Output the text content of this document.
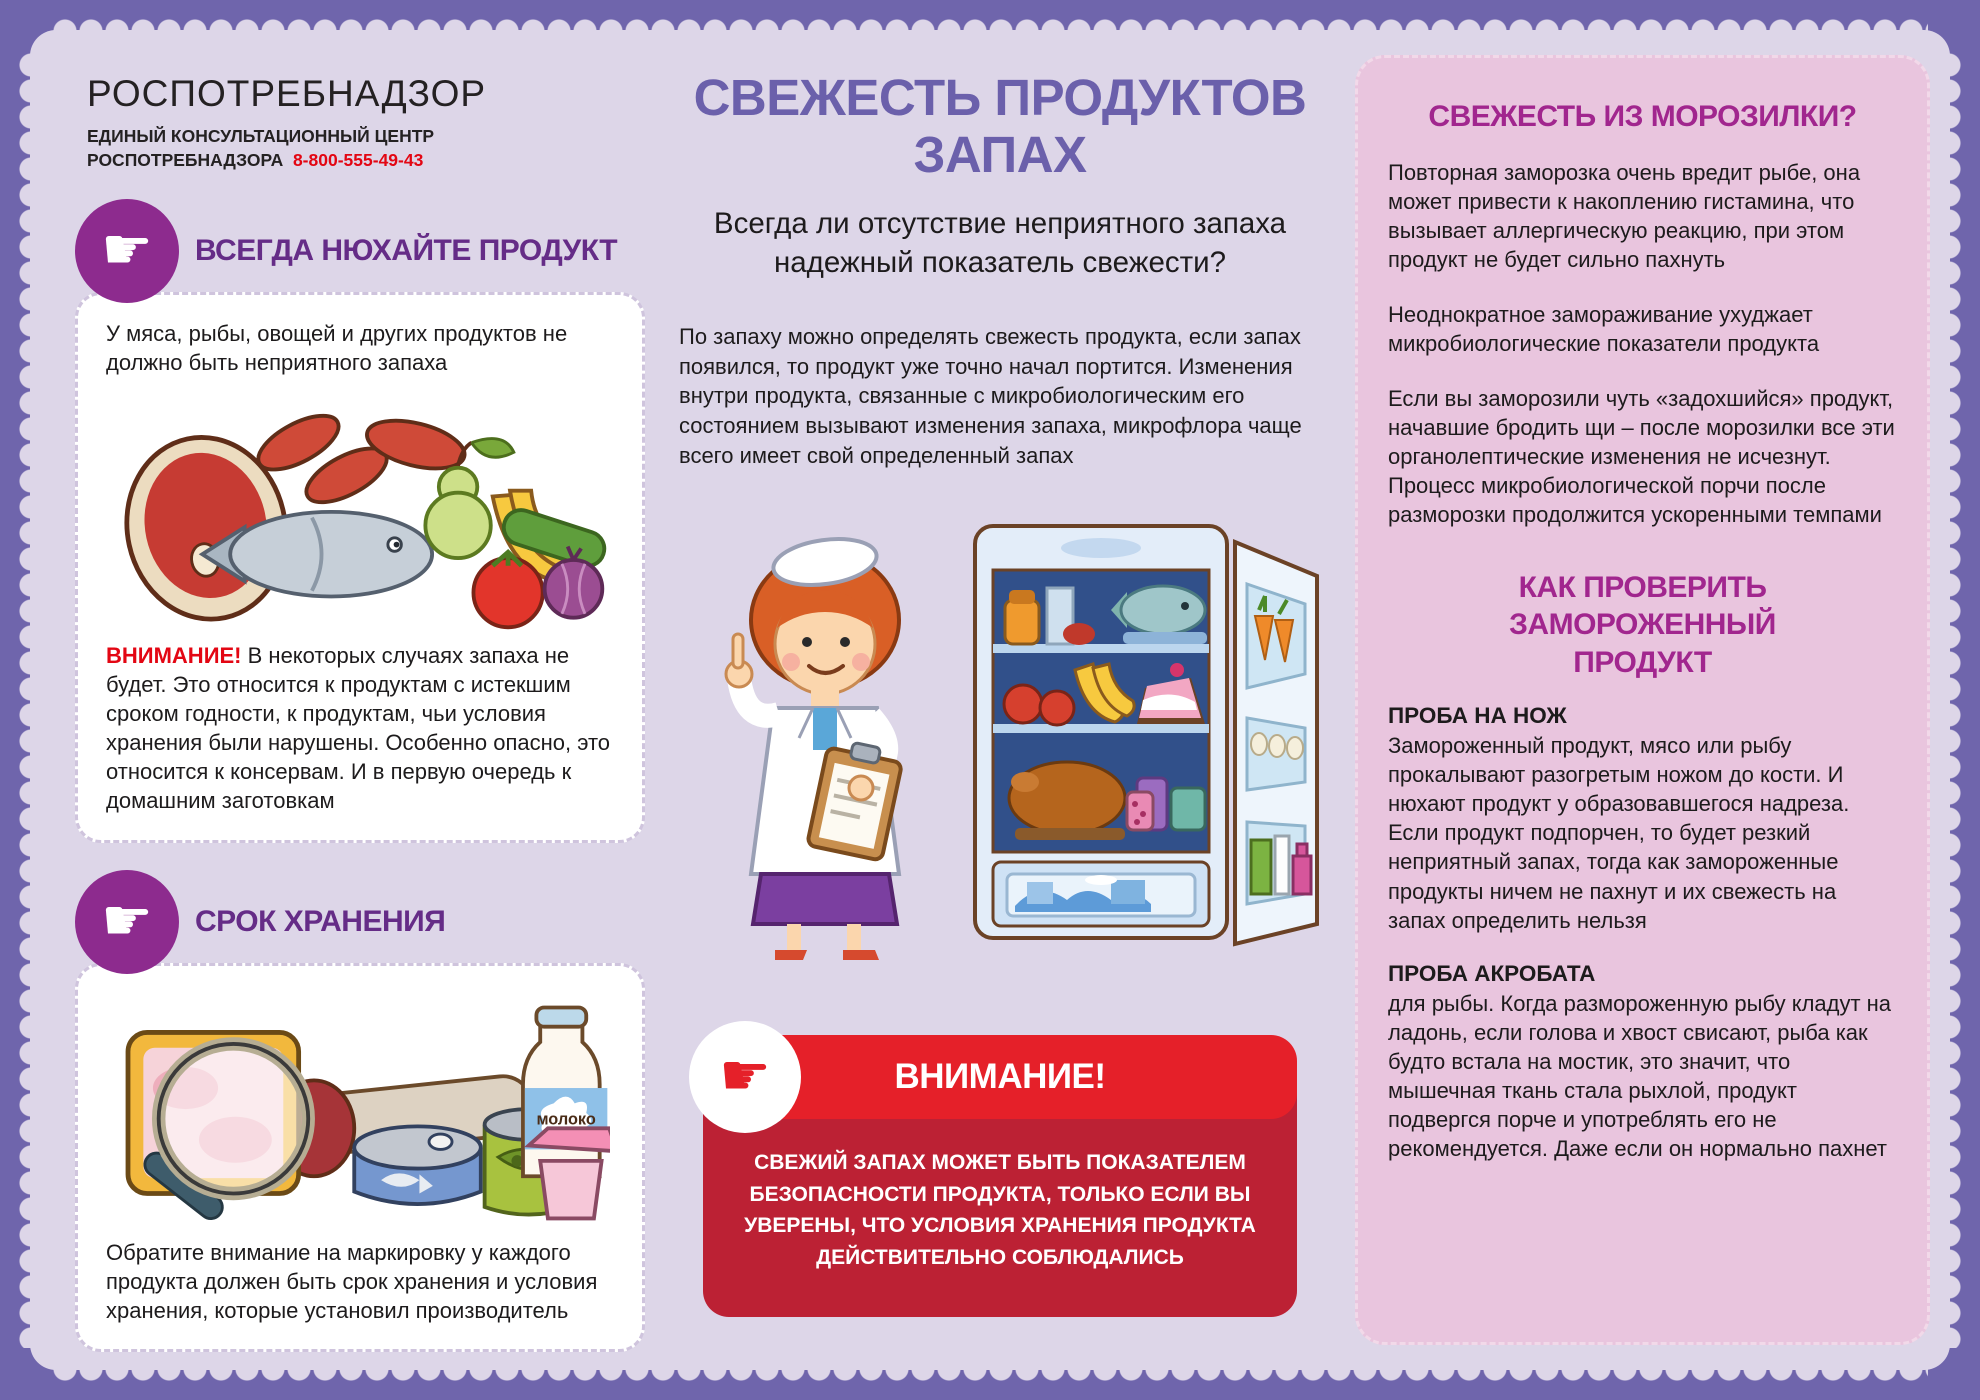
РОСПОТРЕБНАДЗОР
ЕДИНЫЙ КОНСУЛЬТАЦИОННЫЙ ЦЕНТР
РОСПОТРЕБНАДЗОРА 8-800-555-49-43
☛ ВСЕГДА НЮХАЙТЕ ПРОДУКТ

У мяса, рыбы, овощей и других продуктов не должно быть неприятного запаха

ВНИМАНИЕ! В некоторых случаях запаха не будет. Это относится к продуктам с истекшим сроком годности, к продуктам, чьи условия хранения были нарушены. Особенно опасно, это относится к консервам. И в первую очередь к домашним заготовкам

☛ СРОК ХРАНЕНИЯ
молоко

Обратите внимание на маркировку у каждого продукта должен быть срок хранения и условия хранения, которые установил производитель

СВЕЖЕСТЬ ПРОДУКТОВ
ЗАПАХ
Всегда ли отсутствие неприятного запаха надежный показатель свежести?

По запаху можно определять свежесть продукта, если запах появился, то продукт уже точно начал портится. Изменения внутри продукта, связанные с микробиологическим его состоянием вызывают изменения запаха, микрофлора чаще всего имеет свой определенный запах

☛	ВНИМАНИЕ!

СВЕЖИЙ ЗАПАХ МОЖЕТ БЫТЬ ПОКАЗАТЕЛЕМ БЕЗОПАСНОСТИ ПРОДУКТА, ТОЛЬКО ЕСЛИ ВЫ УВЕРЕНЫ, ЧТО УСЛОВИЯ ХРАНЕНИЯ ПРОДУКТА ДЕЙСТВИТЕЛЬНО СОБЛЮДАЛИСЬ

СВЕЖЕСТЬ ИЗ МОРОЗИЛКИ?

Повторная заморозка очень вредит рыбе, она может привести к накоплению гистамина, что вызывает аллергическую реакцию, при этом продукт не будет сильно пахнуть

Неоднократное замораживание ухуджает микробиологические показатели продукта

Если вы заморозили чуть «задохшийся» продукт, начавшие бродить щи – после морозилки все эти органолептические изменения не исчезнут. Процесс микробиологической порчи после разморозки продолжится ускоренными темпами

КАК ПРОВЕРИТЬ ЗАМОРОЖЕННЫЙ ПРОДУКТ
ПРОБА НА НОЖ

Замороженный продукт, мясо или рыбу прокалывают разогретым ножом до кости. И нюхают продукт у образовавшегося надреза. Если продукт подпорчен, то будет резкий неприятный запах, тогда как замороженные продукты ничем не пахнут и их свежесть на запах определить нельзя

ПРОБА АКРОБАТА

для рыбы. Когда размороженную рыбу кладут на ладонь, если голова и хвост свисают, рыба как будто встала на мостик, это значит, что мышечная ткань стала рыхлой, продукт подвергся порче и употреблять его не рекомендуется. Даже если он нормально пахнет
